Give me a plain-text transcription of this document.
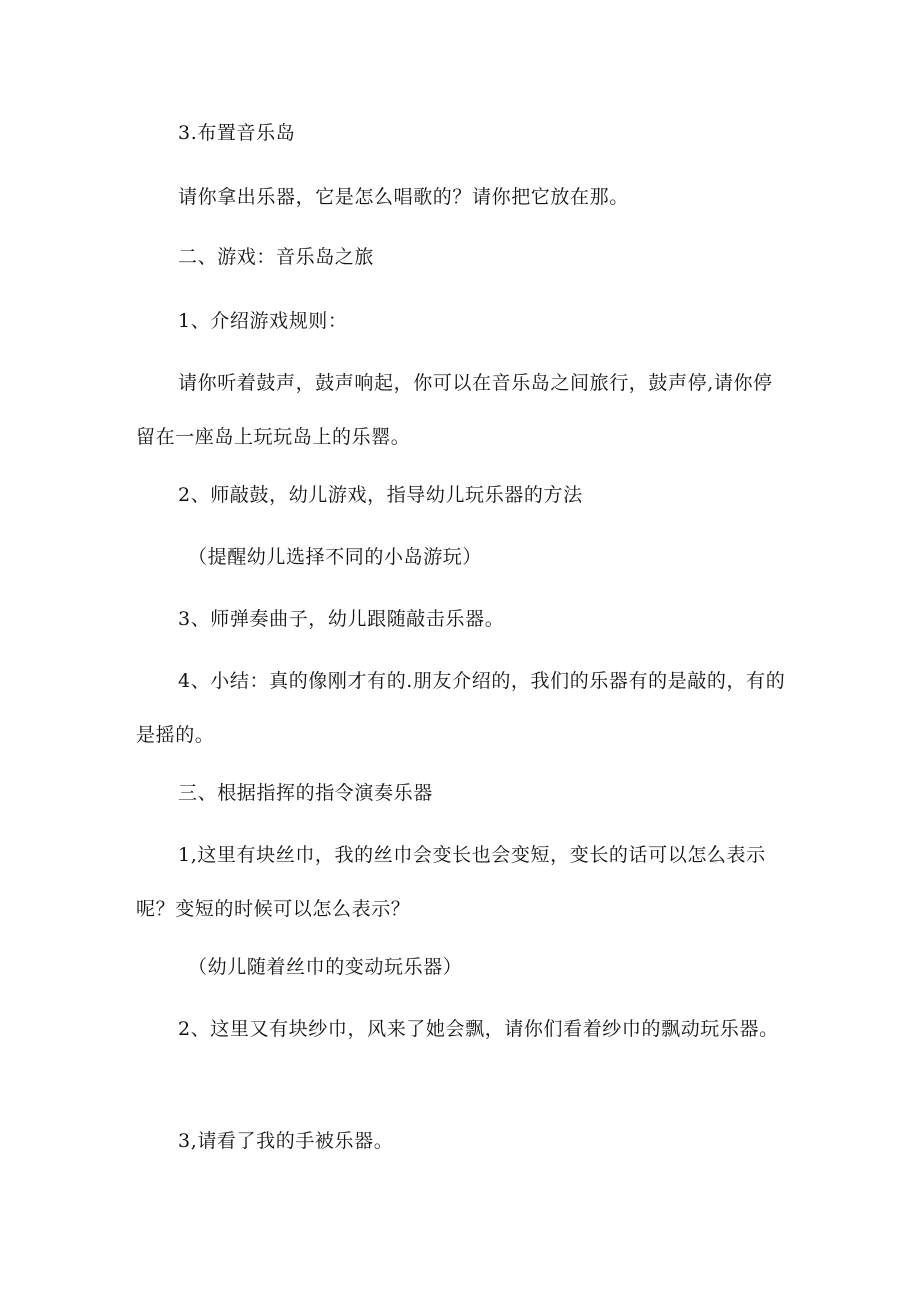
3.布置音乐岛

请你拿出乐器，它是怎么唱歌的？请你把它放在那。

二、游戏：音乐岛之旅

1、介绍游戏规则：

请你听着鼓声，鼓声响起，你可以在音乐岛之间旅行，鼓声停,请你停留在一座岛上玩玩岛上的乐罂。

2、师敲鼓，幼儿游戏，指导幼儿玩乐器的方法

（提醒幼儿选择不同的小岛游玩）

3、师弹奏曲子，幼儿跟随敲击乐器。

4、小结：真的像刚才有的.朋友介绍的，我们的乐器有的是敲的，有的是摇的。

三、根据指挥的指令演奏乐器

1,这里有块丝巾，我的丝巾会变长也会变短，变长的话可以怎么表示呢？变短的时候可以怎么表示？

（幼儿随着丝巾的变动玩乐器）

2、这里又有块纱巾，风来了她会飘，请你们看着纱巾的飘动玩乐器。

3,请看了我的手被乐器。
